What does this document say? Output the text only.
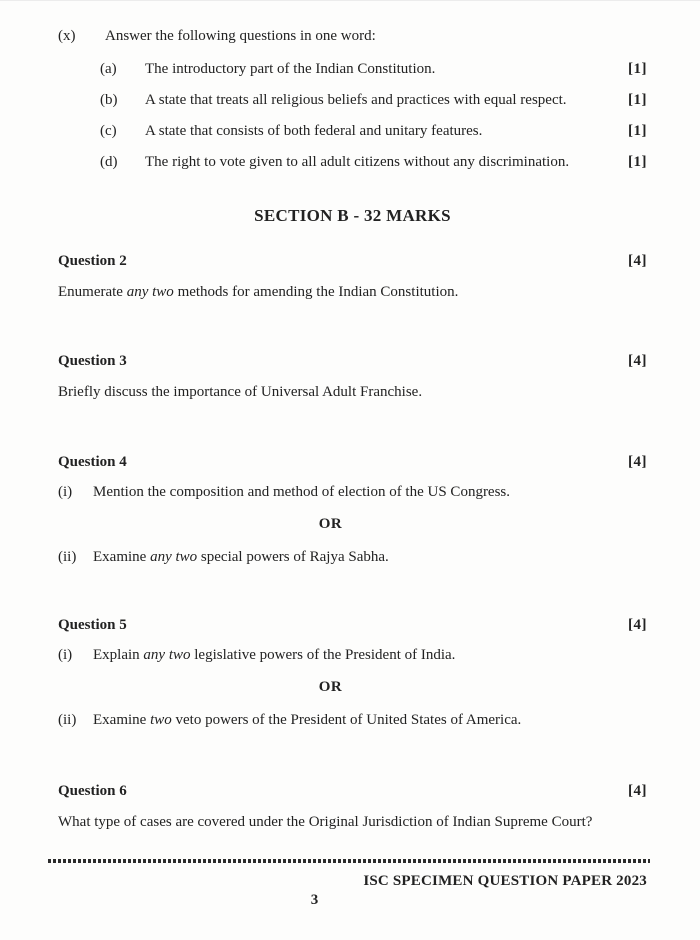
(x)	Answer the following questions in one word:
(a)	The introductory part of the Indian Constitution.	[1]
(b)	A state that treats all religious beliefs and practices with equal respect.	[1]
(c)	A state that consists of both federal and unitary features.	[1]
(d)	The right to vote given to all adult citizens without any discrimination.	[1]
SECTION B - 32 MARKS
Question 2	[4]

Enumerate any two methods for amending the Indian Constitution.

Question 3	[4]

Briefly discuss the importance of Universal Adult Franchise.

Question 4	[4]
(i)	Mention the composition and method of election of the US Congress.
OR
(ii)	Examine any two special powers of Rajya Sabha.
Question 5	[4]
(i)	Explain any two legislative powers of the President of India.
OR
(ii)	Examine two veto powers of the President of United States of America.
Question 6	[4]

What type of cases are covered under the Original Jurisdiction of Indian Supreme Court?

ISC SPECIMEN QUESTION PAPER 2023
3
